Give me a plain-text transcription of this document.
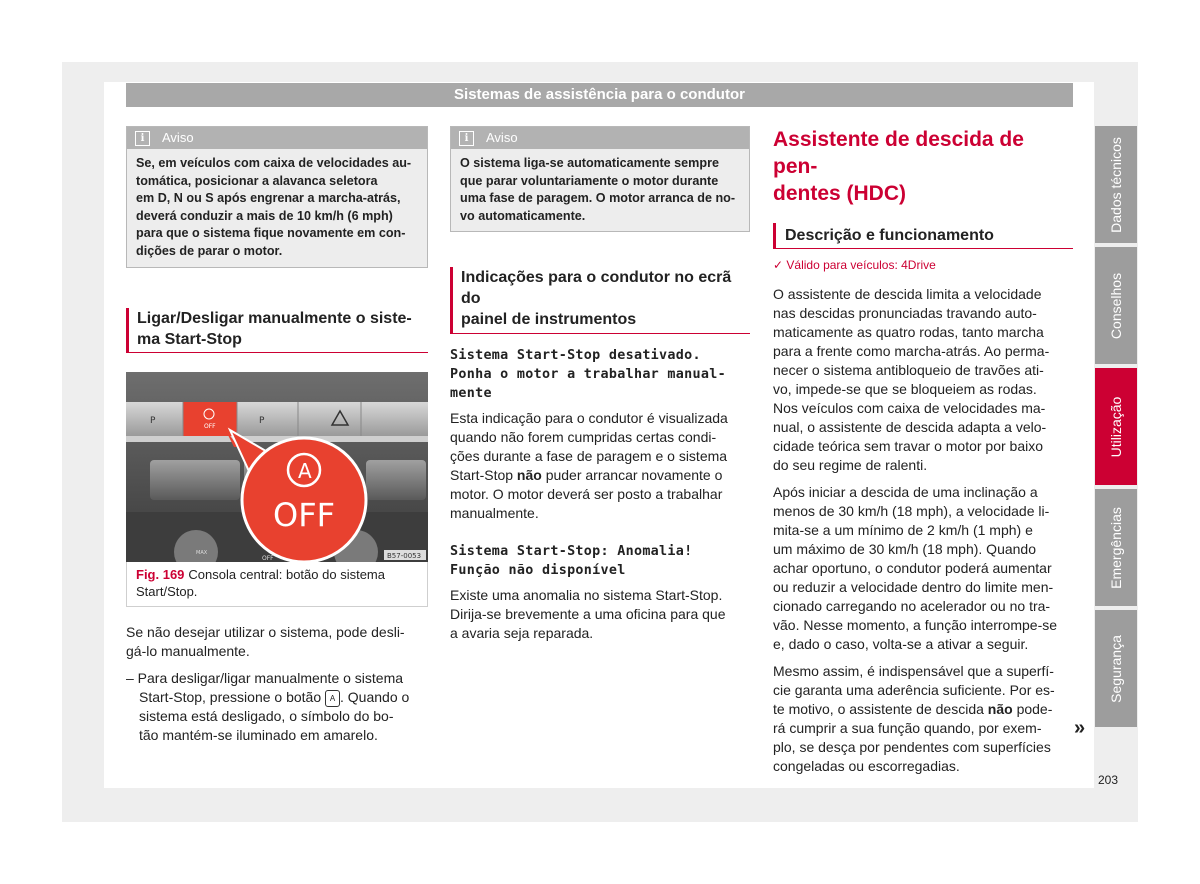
Sistemas de assistência para o condutor
i	Aviso
Se, em veículos com caixa de velocidades au-
tomática, posicionar a alavanca seletora
em D, N ou S após engrenar a marcha-atrás,
deverá conduzir a mais de 10 km/h (6 mph)
para que o sistema fique novamente em con-
dições de parar o motor.
Ligar/Desligar manualmente o siste-
ma Start-Stop
P
OFF
P
MAX
OFF
A
OFF
B57-0053
Fig. 169 Consola central: botão do sistema
Start/Stop.

Se não desejar utilizar o sistema, pode desli-
gá-lo manualmente.

– Para desligar/ligar manualmente o sistema
Start-Stop, pressione o botão A . Quando o
sistema está desligado, o símbolo do bo-
tão mantém-se iluminado em amarelo.

i	Aviso
O sistema liga-se automaticamente sempre
que parar voluntariamente o motor durante
uma fase de paragem. O motor arranca de no-
vo automaticamente.
Indicações para o condutor no ecrã do
painel de instrumentos
Sistema Start-Stop desativado.
Ponha o motor a trabalhar manual-
mente

Esta indicação para o condutor é visualizada
quando não forem cumpridas certas condi-
ções durante a fase de paragem e o sistema
Start-Stop não puder arrancar novamente o
motor. O motor deverá ser posto a trabalhar
manualmente.

Sistema Start-Stop: Anomalia!
Função não disponível

Existe uma anomalia no sistema Start-Stop.
Dirija-se brevemente a uma oficina para que
a avaria seja reparada.

Assistente de descida de pen-
dentes (HDC)
Descrição e funcionamento
✓ Válido para veículos: 4Drive

O assistente de descida limita a velocidade
nas descidas pronunciadas travando auto-
maticamente as quatro rodas, tanto marcha
para a frente como marcha-atrás. Ao perma-
necer o sistema antibloqueio de travões ati-
vo, impede-se que se bloqueiem as rodas.
Nos veículos com caixa de velocidades ma-
nual, o assistente de descida adapta a velo-
cidade teórica sem travar o motor por baixo
do seu regime de ralenti.

Após iniciar a descida de uma inclinação a
menos de 30 km/h (18 mph), a velocidade li-
mita-se a um mínimo de 2 km/h (1 mph) e
um máximo de 30 km/h (18 mph). Quando
achar oportuno, o condutor poderá aumentar
ou reduzir a velocidade dentro do limite men-
cionado carregando no acelerador ou no tra-
vão. Nesse momento, a função interrompe-se
e, dado o caso, volta-se a ativar a seguir.

Mesmo assim, é indispensável que a superfí-
cie garanta uma aderência suficiente. Por es-
te motivo, o assistente de descida não pode-
rá cumprir a sua função quando, por exem-
plo, se desça por pendentes com superfícies
congeladas ou escorregadias.

»
Dados técnicos
Conselhos
Utilização
Emergências
Segurança
203
